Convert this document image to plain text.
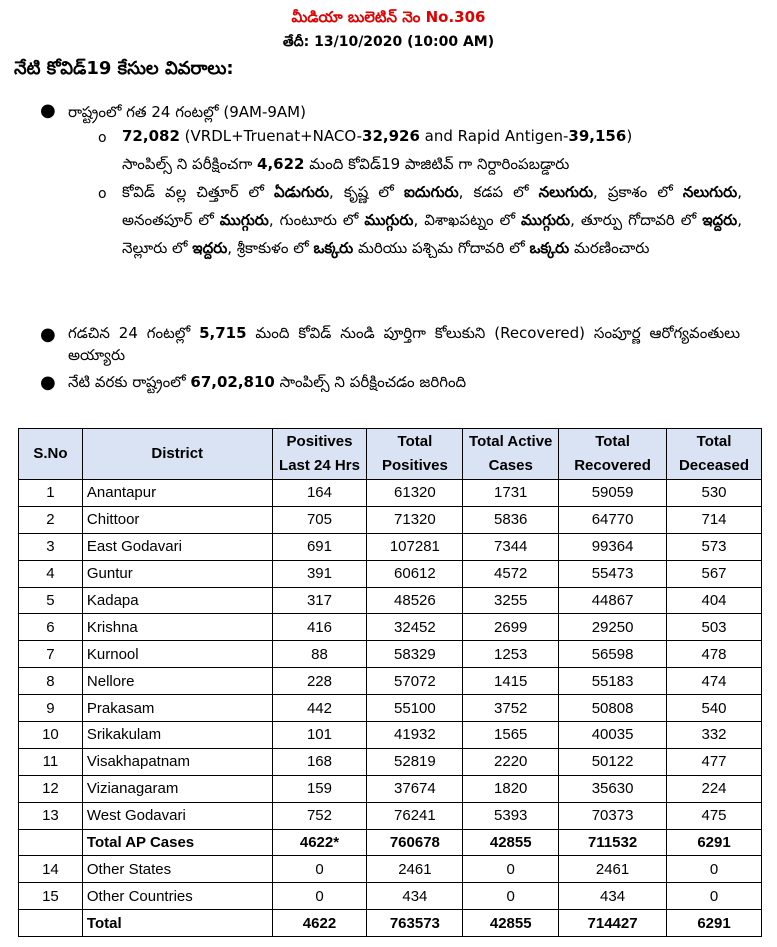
మీడియా బులెటిన్ నెం No.306
తేదీ: 13/10/2020 (10:00 AM)
నేటి కోవిడ్19 కేసుల వివరాలు:
● రాష్ట్రంలో గత 24 గంటల్లో (9AM-9AM)
o 72,082 (VRDL+Truenat+NACO-32,926 and Rapid Antigen-39,156)
సాంపిల్స్ ని పరీక్షించగా 4,622 మంది కోవిడ్19 పాజిటివ్ గా నిర్దారింపబడ్డారు
o కోవిడ్ వల్ల చిత్తూర్ లో ఏడుగురు, కృష్ణ లో ఐదుగురు, కడప లో నలుగురు, ప్రకాశం లో నలుగురు, అనంతపూర్ లో ముగ్గురు, గుంటూరు లో ముగ్గురు, విశాఖపట్నం లో ముగ్గురు, తూర్పు గోదావరి లో ఇద్దరు, నెల్లూరు లో ఇద్దరు, శ్రీకాకుళం లో ఒక్కరు మరియు పశ్చిమ గోదావరి లో ఒక్కరు మరణించారు
● గడచిన 24 గంటల్లో 5,715 మంది కోవిడ్ నుండి పూర్తిగా కోలుకుని (Recovered) సంపూర్ణ ఆరోగ్యవంతులు అయ్యారు
● నేటి వరకు రాష్ట్రంలో 67,02,810 సాంపిల్స్ ని పరీక్షించడం జరిగింది
S.No	District	Positives Last 24 Hrs	Total Positives	Total Active Cases	Total Recovered	Total Deceased
1	Anantapur	164	61320	1731	59059	530
2	Chittoor	705	71320	5836	64770	714
3	East Godavari	691	107281	7344	99364	573
4	Guntur	391	60612	4572	55473	567
5	Kadapa	317	48526	3255	44867	404
6	Krishna	416	32452	2699	29250	503
7	Kurnool	88	58329	1253	56598	478
8	Nellore	228	57072	1415	55183	474
9	Prakasam	442	55100	3752	50808	540
10	Srikakulam	101	41932	1565	40035	332
11	Visakhapatnam	168	52819	2220	50122	477
12	Vizianagaram	159	37674	1820	35630	224
13	West Godavari	752	76241	5393	70373	475
	Total AP Cases	4622*	760678	42855	711532	6291
14	Other States	0	2461	0	2461	0
15	Other Countries	0	434	0	434	0
	Total	4622	763573	42855	714427	6291
